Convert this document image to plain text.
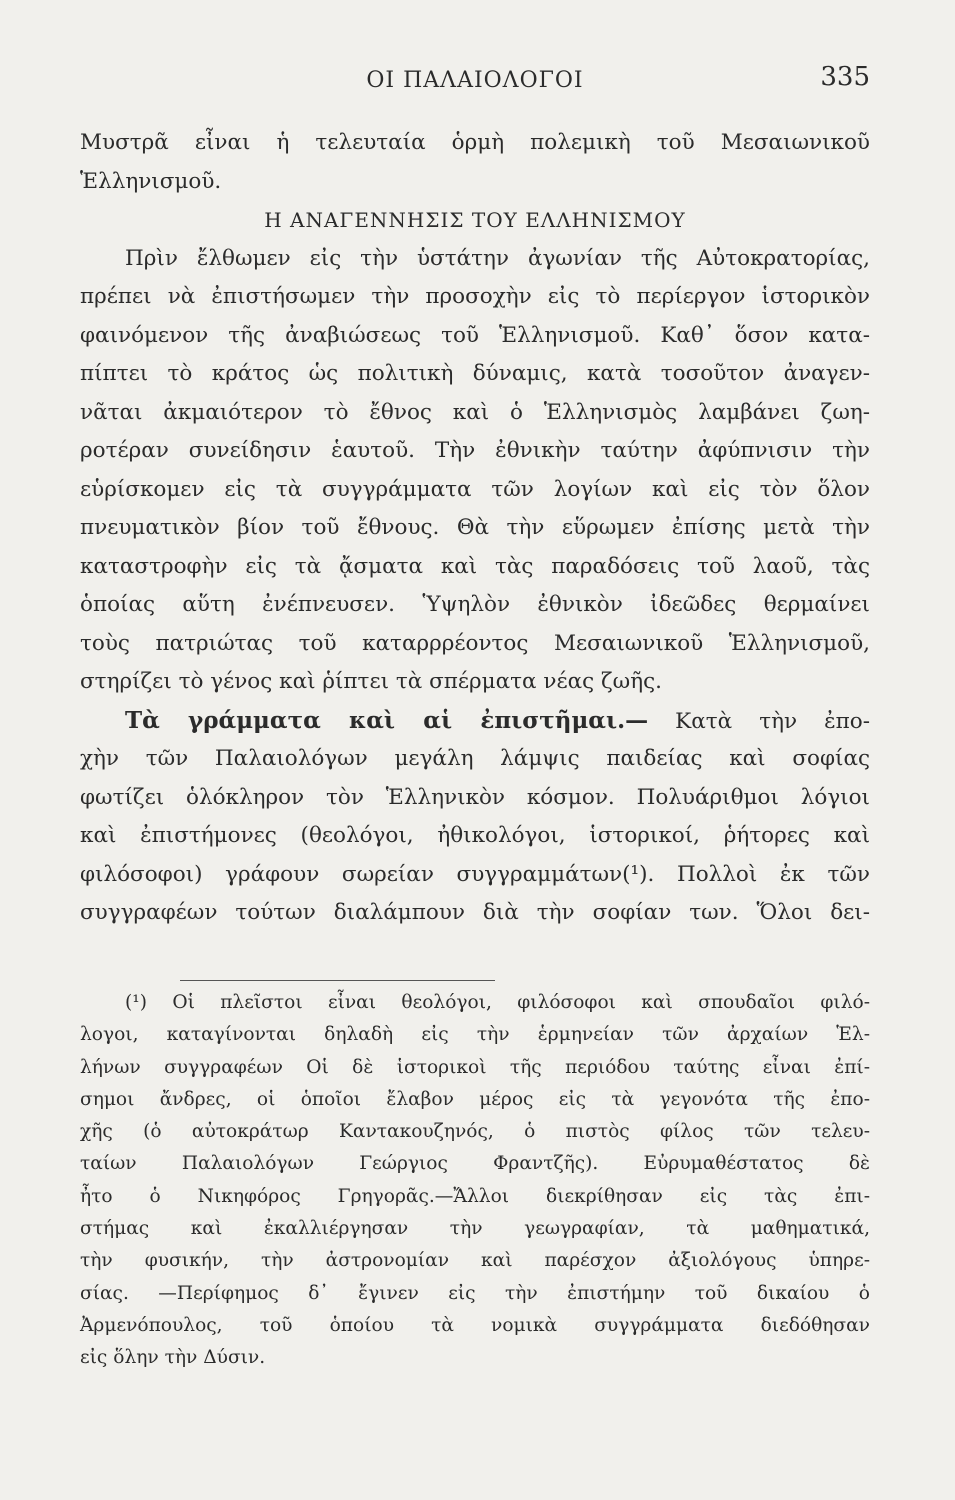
ΟΙ ΠΑΛΑΙΟΛΟΓΟΙ	335
Μυστρᾶ εἶναι ἡ τελευταία ὁρμὴ πολεμικὴ τοῦ Μεσαιωνικοῦ
Ἑλληνισμοῦ.
Η ΑΝΑΓΕΝΝΗΣΙΣ ΤΟΥ ΕΛΛΗΝΙΣΜΟΥ
Πρὶν ἔλθωμεν εἰς τὴν ὑστάτην ἀγωνίαν τῆς Αὐτοκρατορίας,
πρέπει νὰ ἐπιστήσωμεν τὴν προσοχὴν εἰς τὸ περίεργον ἱστορικὸν
φαινόμενον τῆς ἀναβιώσεως τοῦ Ἑλληνισμοῦ. Καθ᾽ ὅσον κατα-
πίπτει τὸ κράτος ὡς πολιτικὴ δύναμις, κατὰ τοσοῦτον ἀναγεν-
νᾶται ἀκμαιότερον τὸ ἔθνος καὶ ὁ Ἑλληνισμὸς λαμβάνει ζωη-
ροτέραν συνείδησιν ἑαυτοῦ. Τὴν ἐθνικὴν ταύτην ἀφύπνισιν τὴν
εὑρίσκομεν εἰς τὰ συγγράμματα τῶν λογίων καὶ εἰς τὸν ὅλον
πνευματικὸν βίον τοῦ ἔθνους. Θὰ τὴν εὕρωμεν ἐπίσης μετὰ τὴν
καταστροφὴν εἰς τὰ ᾄσματα καὶ τὰς παραδόσεις τοῦ λαοῦ, τὰς
ὁποίας αὕτη ἐνέπνευσεν. Ὑψηλὸν ἐθνικὸν ἰδεῶδες θερμαίνει
τοὺς πατριώτας τοῦ καταρρρέοντος Μεσαιωνικοῦ Ἑλληνισμοῦ,
στηρίζει τὸ γένος καὶ ῥίπτει τὰ σπέρματα νέας ζωῆς.
Τὰ γράμματα καὶ αἱ ἐπιστῆμαι.— Κατὰ τὴν ἐπο-
χὴν τῶν Παλαιολόγων μεγάλη λάμψις παιδείας καὶ σοφίας
φωτίζει ὁλόκληρον τὸν Ἑλληνικὸν κόσμον. Πολυάριθμοι λόγιοι
καὶ ἐπιστήμονες (θεολόγοι, ἠθικολόγοι, ἱστορικοί, ῥήτορες καὶ
φιλόσοφοι) γράφουν σωρείαν συγγραμμάτων(¹). Πολλοὶ ἐκ τῶν
συγγραφέων τούτων διαλάμπουν διὰ τὴν σοφίαν των. Ὅλοι δει-
(¹) Οἱ πλεῖστοι εἶναι θεολόγοι, φιλόσοφοι καὶ σπουδαῖοι φιλό-
λογοι, καταγίνονται δηλαδὴ εἰς τὴν ἑρμηνείαν τῶν ἀρχαίων Ἑλ-
λήνων συγγραφέων Οἱ δὲ ἱστορικοὶ τῆς περιόδου ταύτης εἶναι ἐπί-
σημοι ἄνδρες, οἱ ὁποῖοι ἔλαβον μέρος εἰς τὰ γεγονότα τῆς ἐπο-
χῆς (ὁ αὐτοκράτωρ Καντακουζηνός, ὁ πιστὸς φίλος τῶν τελευ-
ταίων Παλαιολόγων Γεώργιος Φραντζῆς). Εὐρυμαθέστατος δὲ
ἦτο ὁ Νικηφόρος Γρηγορᾶς.—Ἄλλοι διεκρίθησαν εἰς τὰς ἐπι-
στήμας καὶ ἐκαλλιέργησαν τὴν γεωγραφίαν, τὰ μαθηματικά,
τὴν φυσικήν, τὴν ἀστρονομίαν καὶ παρέσχον ἀξιολόγους ὑπηρε-
σίας. —Περίφημος δ᾽ ἔγινεν εἰς τὴν ἐπιστήμην τοῦ δικαίου ὁ
Ἀρμενόπουλος, τοῦ ὁποίου τὰ νομικὰ συγγράμματα διεδόθησαν
εἰς ὅλην τὴν Δύσιν.
